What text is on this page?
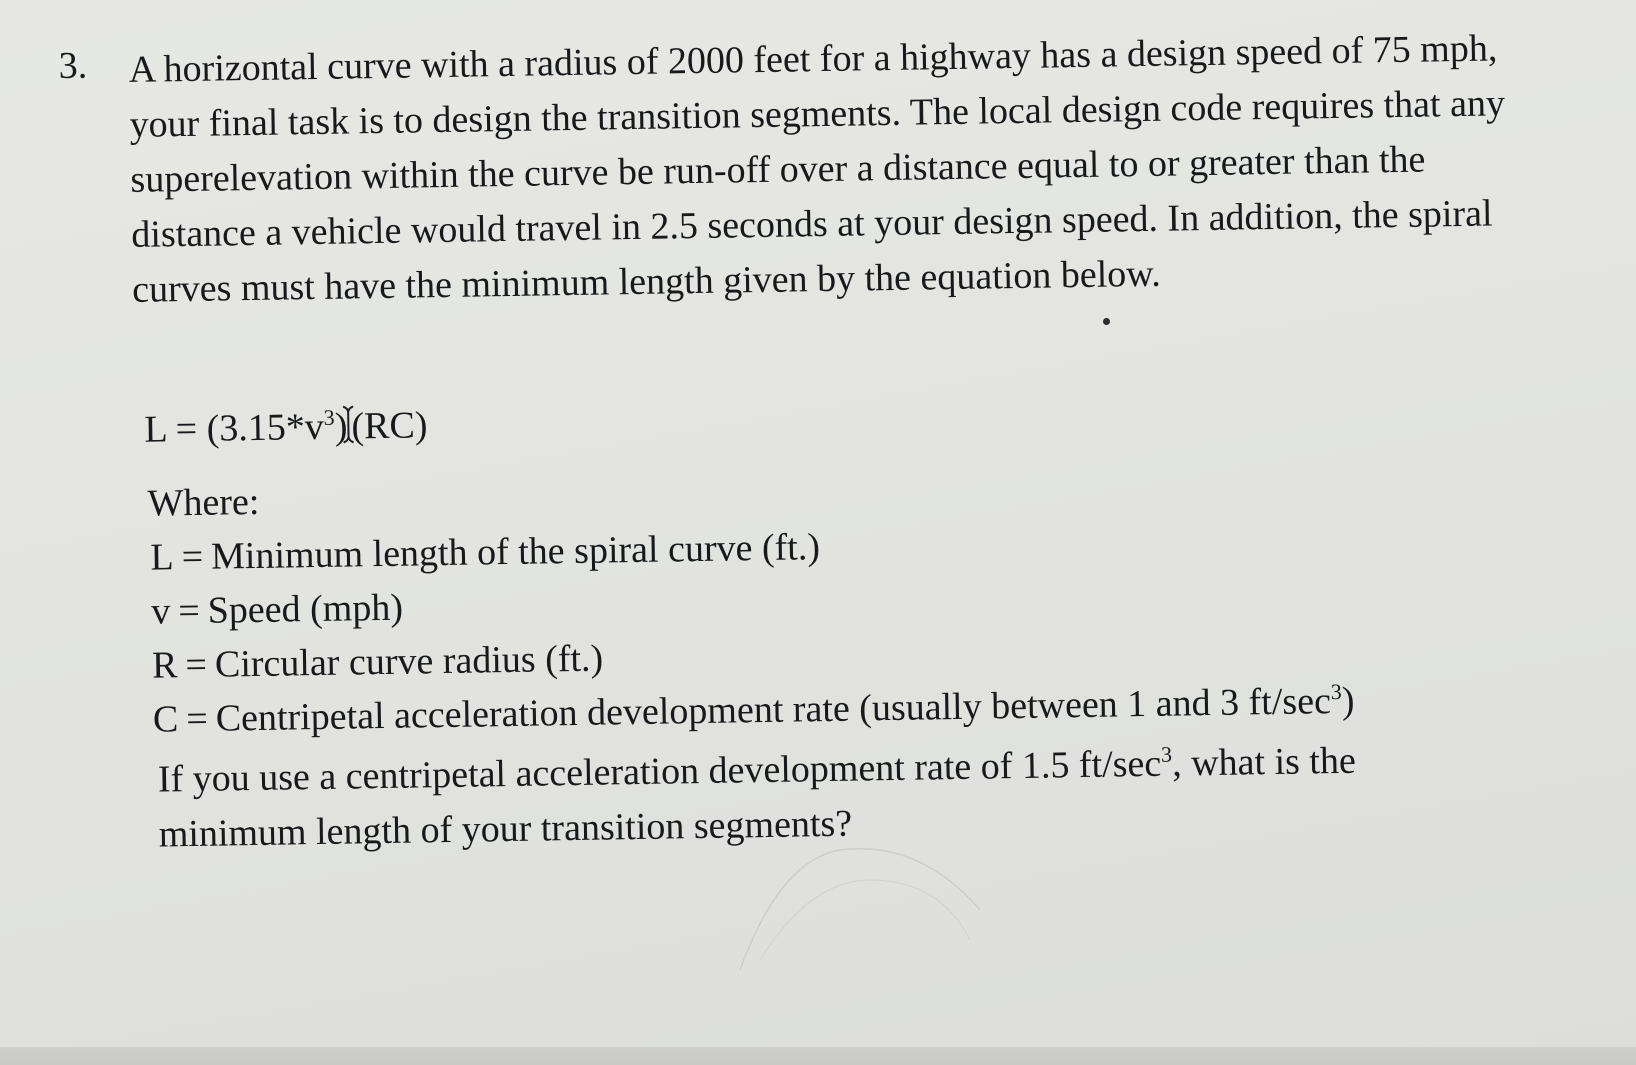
3. A horizontal curve with a radius of 2000 feet for a highway has a design speed of 75 mph, your final task is to design the transition segments. The local design code requires that any superelevation within the curve be run-off over a distance equal to or greater than the distance a vehicle would travel in 2.5 seconds at your design speed. In addition, the spiral curves must have the minimum length given by the equation below.
$L = (3.15*v^3)$
(RC)
Where:
L = Minimum length of the spiral curve (ft.)
v = Speed (mph)
R = Circular curve radius (ft.)
C = Centripetal acceleration development rate (usually between 1 and 3 $ft/\sec^3$)
If you use a centripetal acceleration development rate of 1.5 $ft/\sec^3$, what is the minimum length of your transition segments?
